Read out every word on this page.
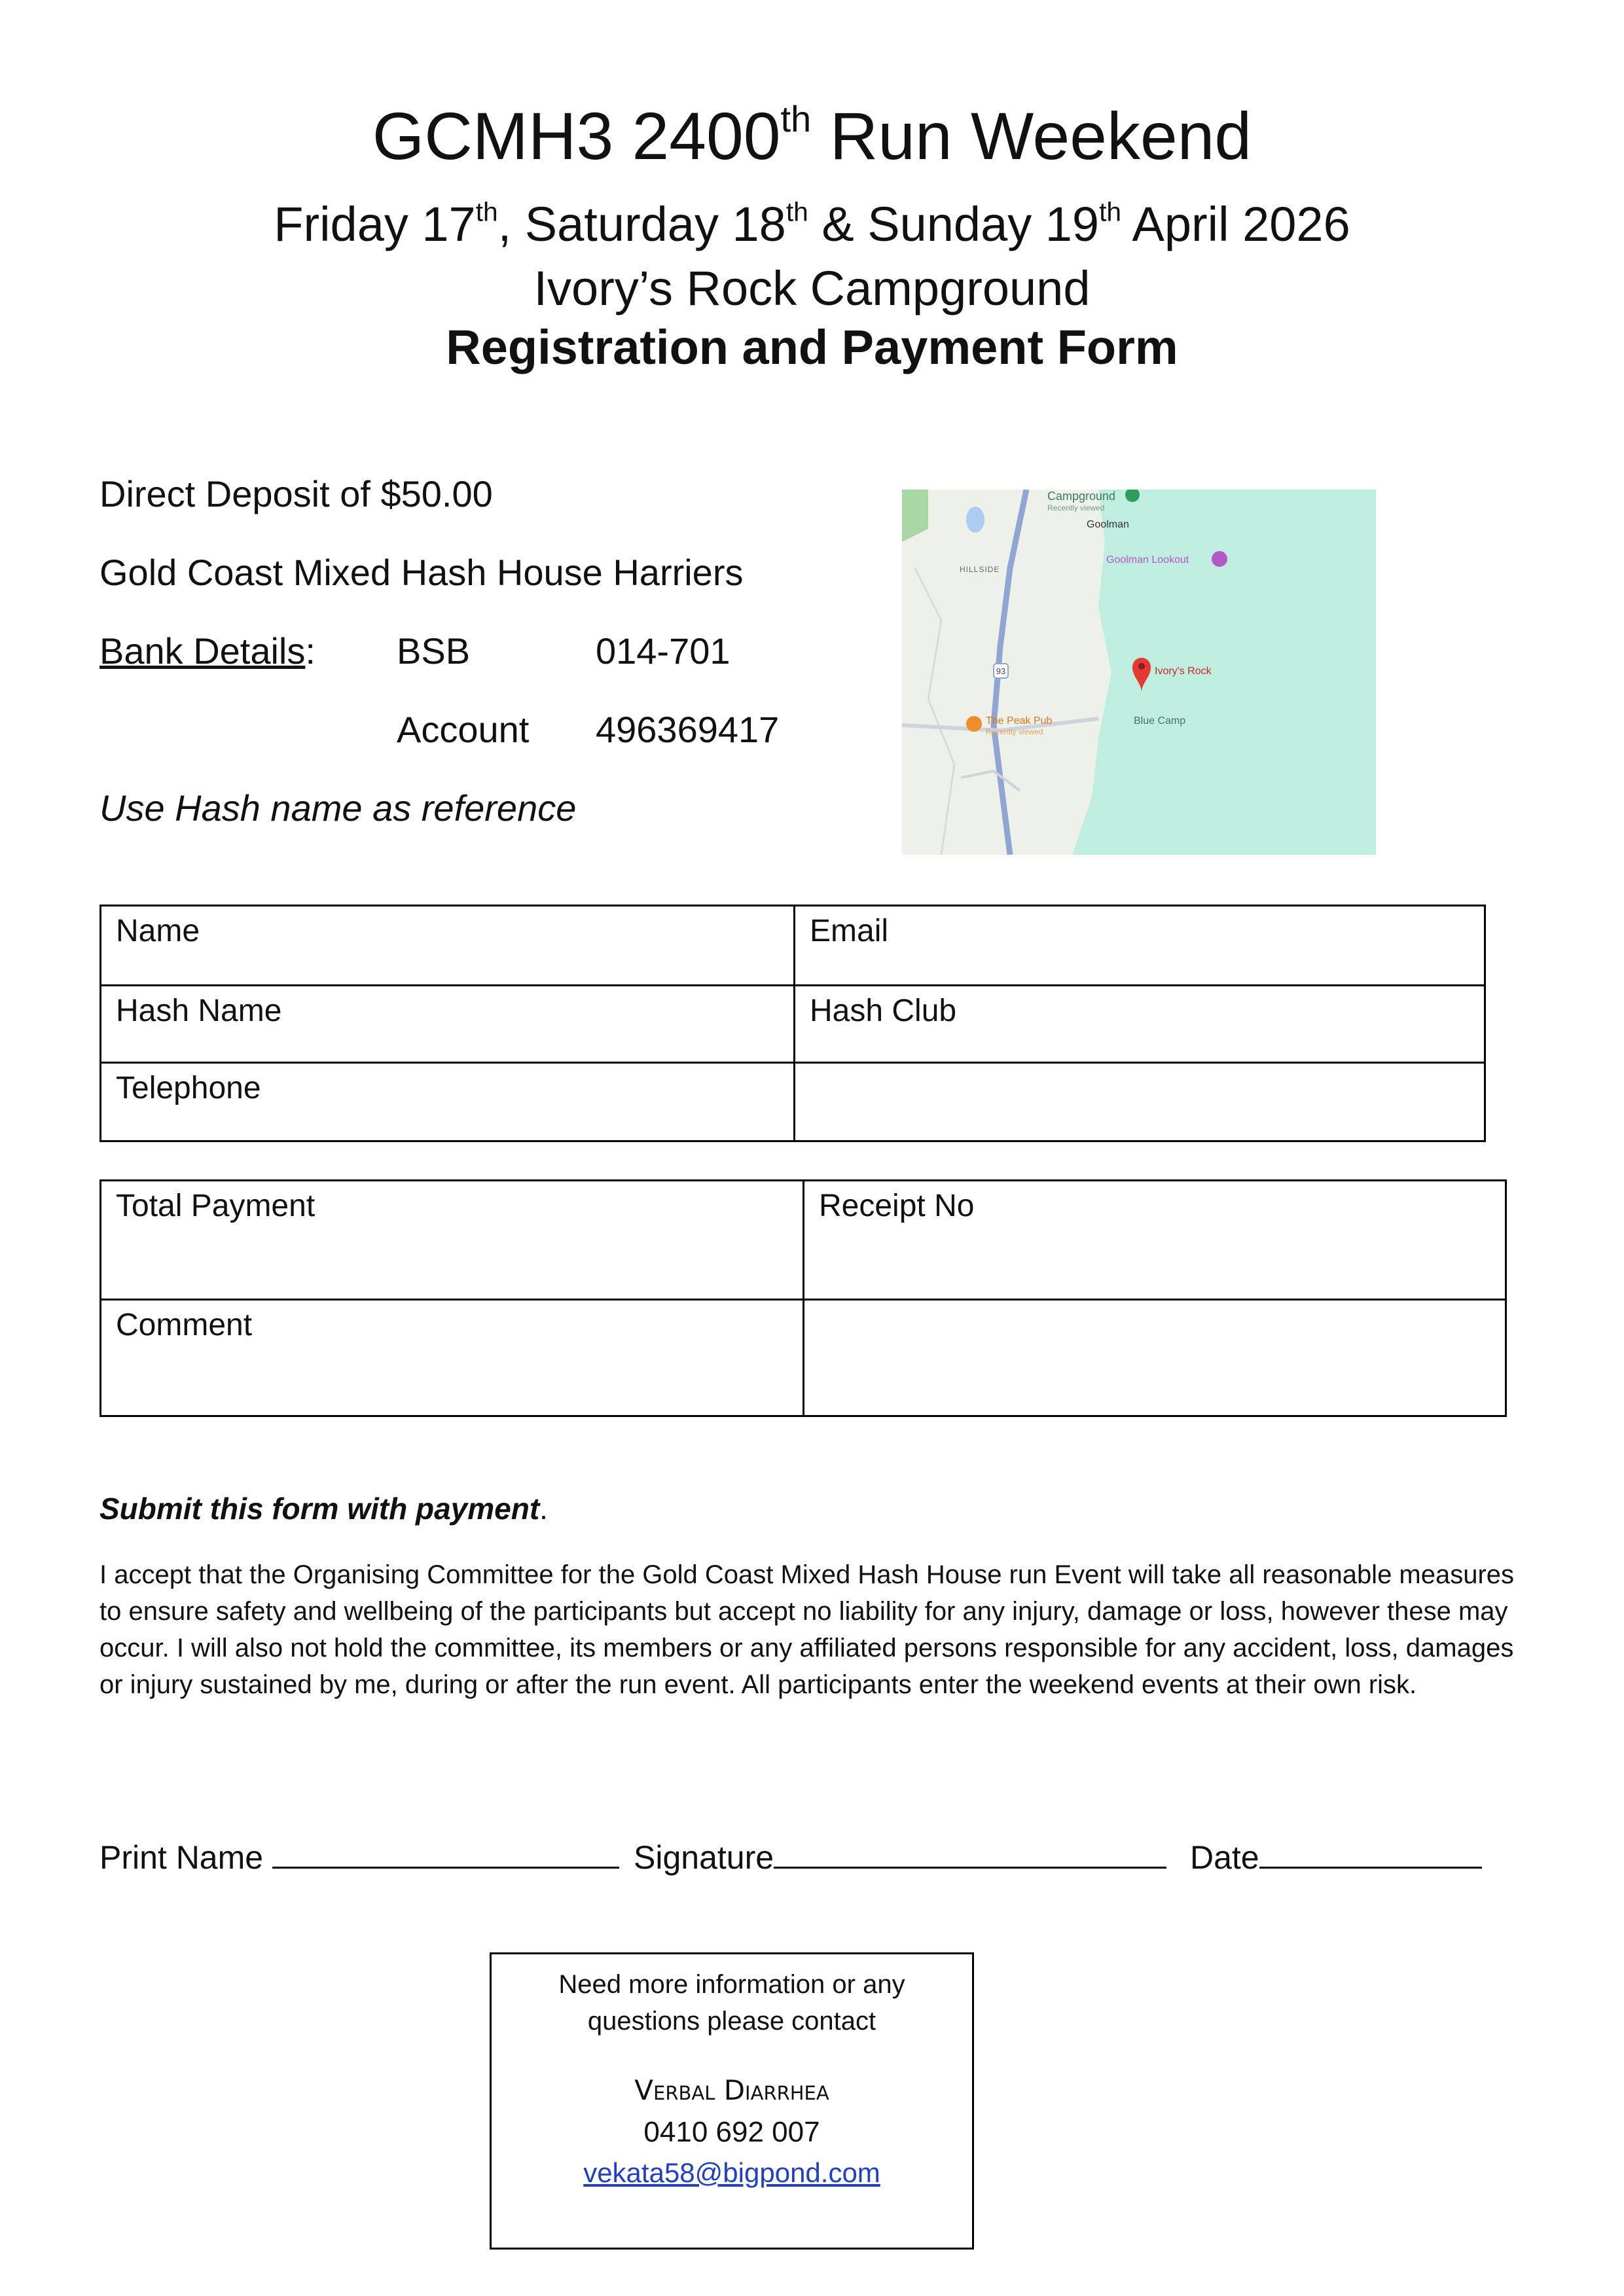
GCMH3 2400th Run Weekend
Friday 17th, Saturday 18th & Sunday 19th April 2026
Ivory’s Rock Campground
Registration and Payment Form
Direct Deposit of $50.00
Gold Coast Mixed Hash House Harriers
Bank Details: BSB	014-701
Account 496369417
Use Hash name as reference
93
Campground
Recently viewed
Goolman
HILLSIDE
Goolman Lookout
Ivory's Rock
Blue Camp
The Peak Pub
Recently viewed
Name	Email
Hash Name	Hash Club
Telephone	
Total Payment	Receipt No
Comment	
Submit this form with payment.
I accept that the Organising Committee for the Gold Coast Mixed Hash House run Event will take all reasonable measures to ensure safety and wellbeing of the participants but accept no liability for any injury, damage or loss, however these may occur. I will also not hold the committee, its members or any affiliated persons responsible for any accident, loss, damages or injury sustained by me, during or after the run event. All participants enter the weekend events at their own risk.
Print Name	Signature	Date
Need more information or any
questions please contact
Verbal Diarrhea
0410 692 007
vekata58@bigpond.com
